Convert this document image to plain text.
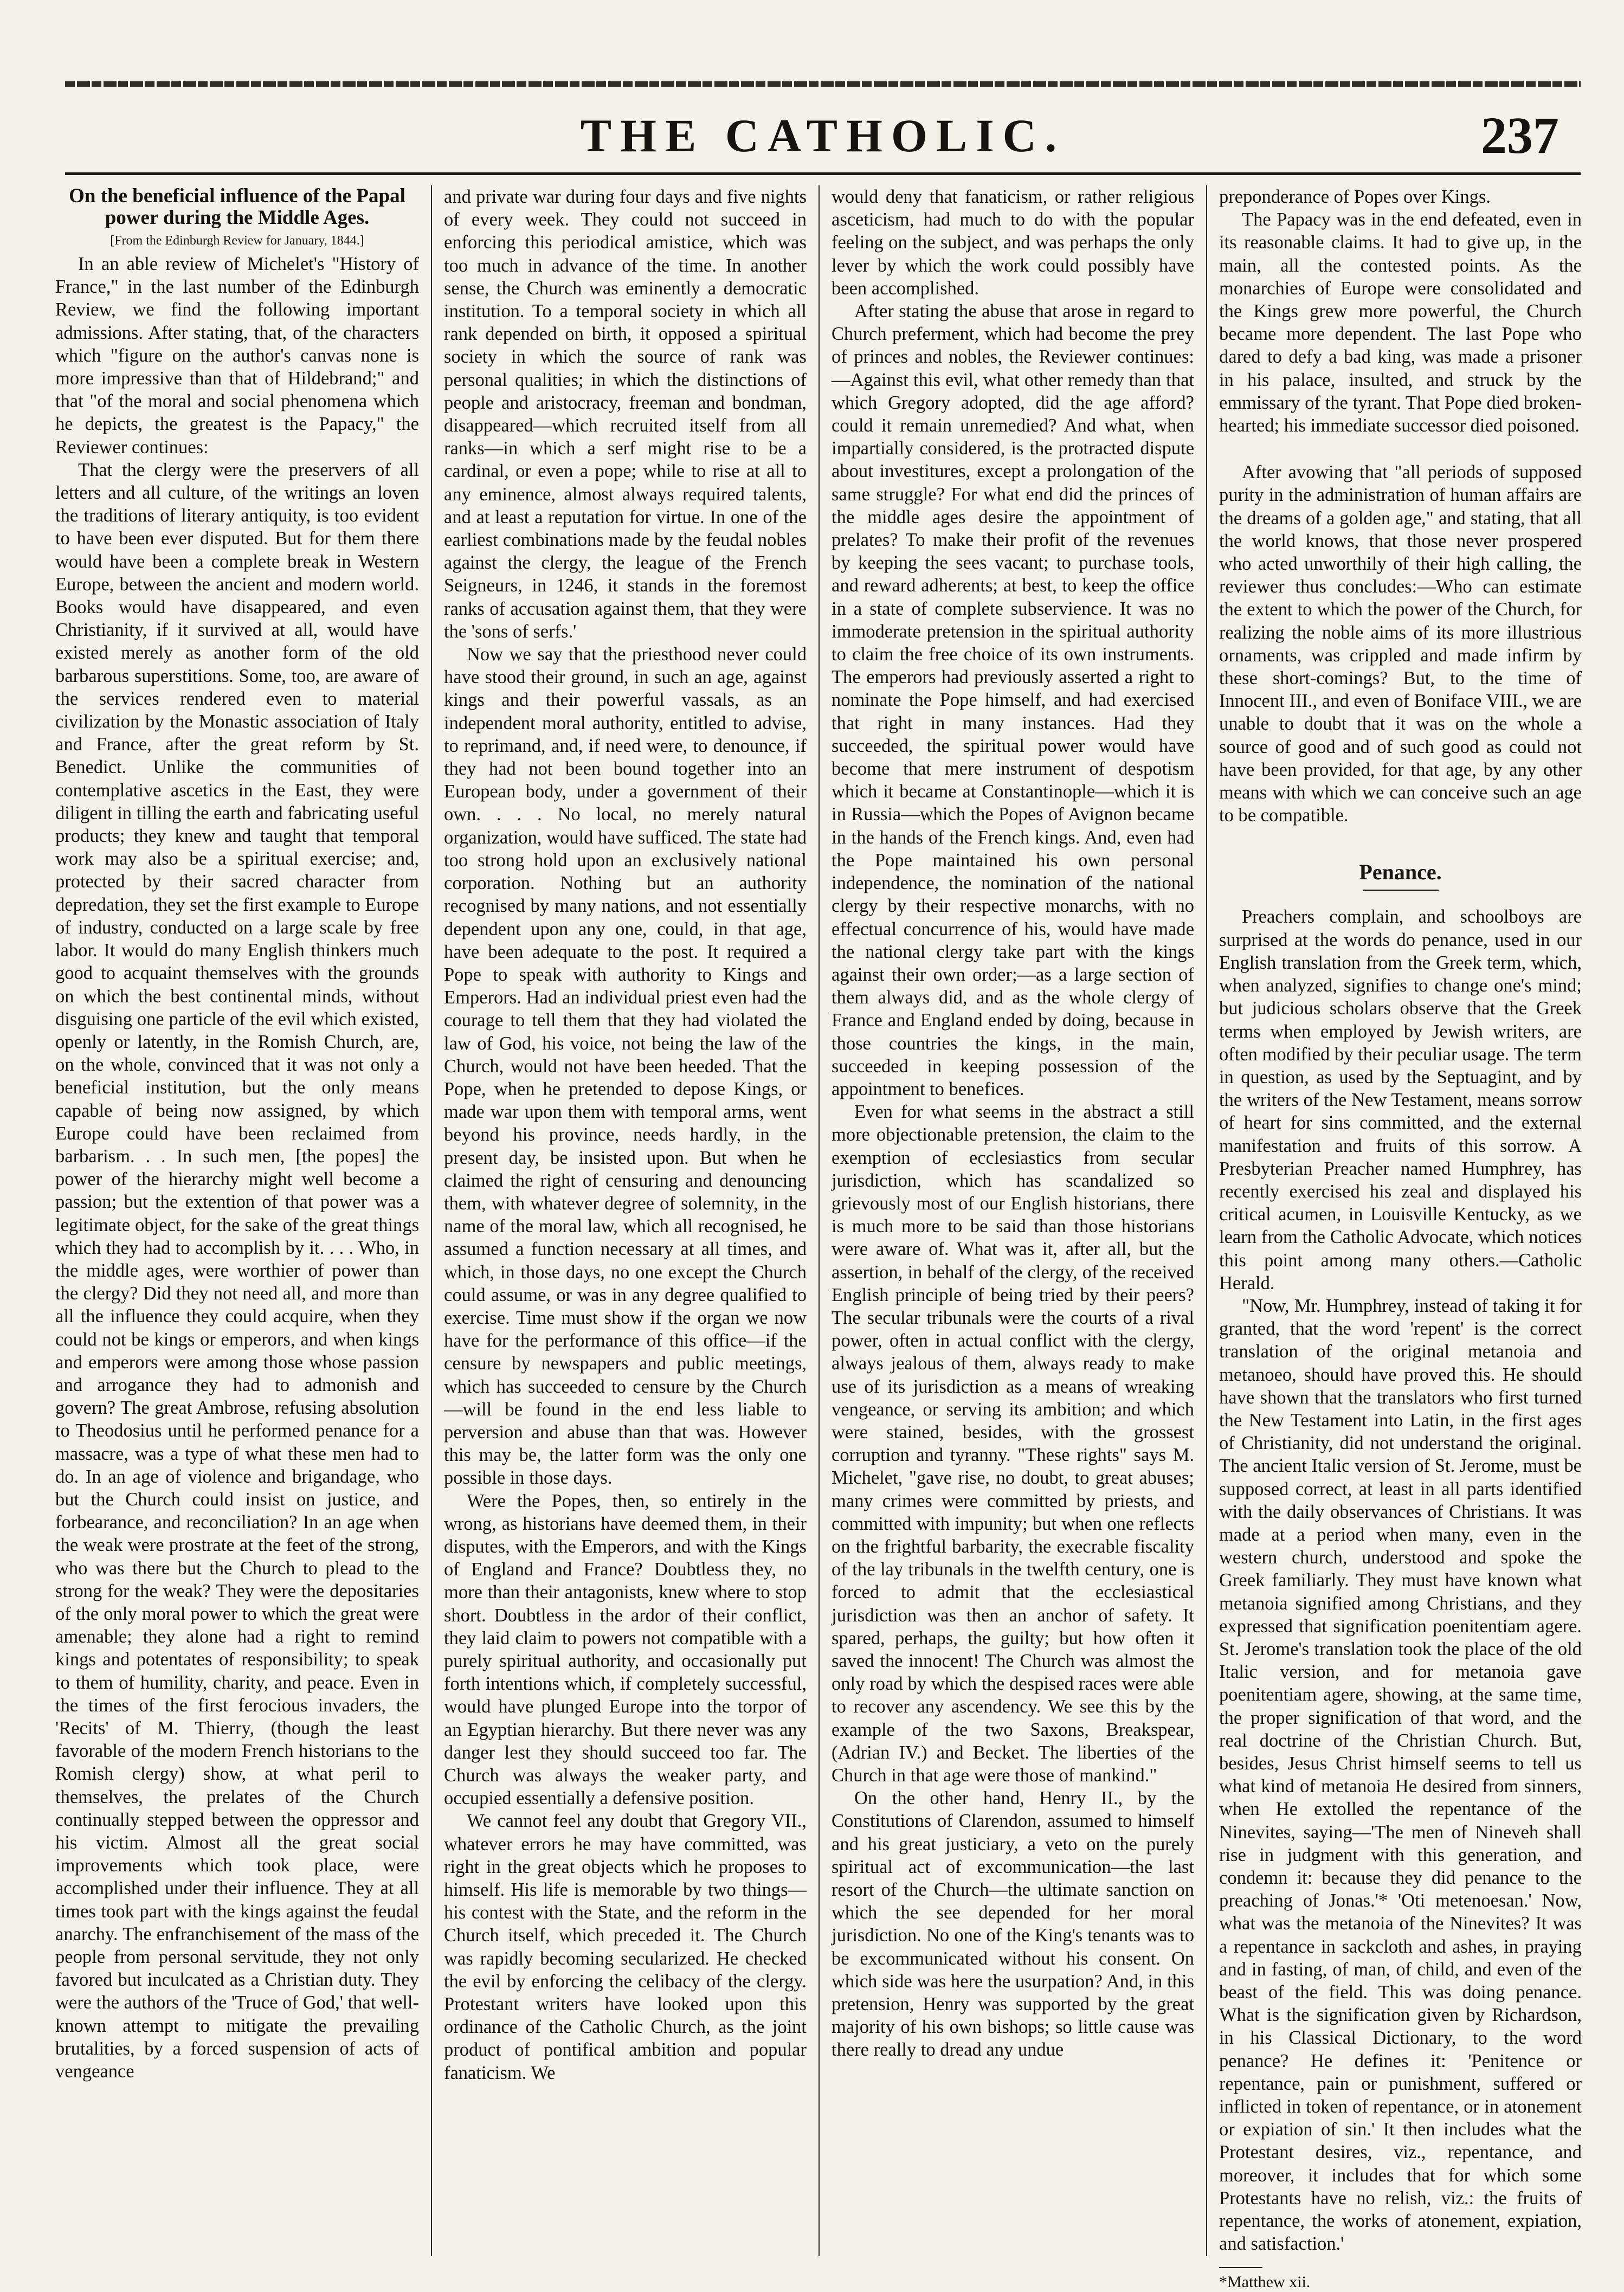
THE CATHOLIC.	237
On the beneficial influence of the Papal power during the Middle Ages.
[From the Edinburgh Review for January, 1844.]

In an able review of Michelet's "History of France," in the last number of the Edinburgh Review, we find the following important admissions. After stating, that, of the characters which "figure on the author's canvas none is more impressive than that of Hildebrand;" and that "of the moral and social phenomena which he depicts, the greatest is the Papacy," the Reviewer continues:

That the clergy were the preservers of all letters and all culture, of the writings an loven the traditions of literary antiquity, is too evident to have been ever disputed. But for them there would have been a complete break in Western Europe, between the ancient and modern world. Books would have disappeared, and even Christianity, if it survived at all, would have existed merely as another form of the old barbarous superstitions. Some, too, are aware of the services rendered even to material civilization by the Monastic association of Italy and France, after the great reform by St. Benedict. Unlike the communities of contemplative ascetics in the East, they were diligent in tilling the earth and fabricating useful products; they knew and taught that temporal work may also be a spiritual exercise; and, protected by their sacred character from depredation, they set the first example to Europe of industry, conducted on a large scale by free labor. It would do many English thinkers much good to acquaint themselves with the grounds on which the best continental minds, without disguising one particle of the evil which existed, openly or latently, in the Romish Church, are, on the whole, convinced that it was not only a beneficial institution, but the only means capable of being now assigned, by which Europe could have been reclaimed from barbarism. . . In such men, [the popes] the power of the hierarchy might well become a passion; but the extention of that power was a legitimate object, for the sake of the great things which they had to accomplish by it. . . . Who, in the middle ages, were worthier of power than the clergy? Did they not need all, and more than all the influence they could acquire, when they could not be kings or emperors, and when kings and emperors were among those whose passion and arrogance they had to admonish and govern? The great Ambrose, refusing absolution to Theodosius until he performed penance for a massacre, was a type of what these men had to do. In an age of violence and brigandage, who but the Church could insist on justice, and forbearance, and reconciliation? In an age when the weak were prostrate at the feet of the strong, who was there but the Church to plead to the strong for the weak? They were the depositaries of the only moral power to which the great were amenable; they alone had a right to remind kings and potentates of responsibility; to speak to them of humility, charity, and peace. Even in the times of the first ferocious invaders, the 'Recits' of M. Thierry, (though the least favorable of the modern French historians to the Romish clergy) show, at what peril to themselves, the prelates of the Church continually stepped between the oppressor and his victim. Almost all the great social improvements which took place, were accomplished under their influence. They at all times took part with the kings against the feudal anarchy. The enfranchisement of the mass of the people from personal servitude, they not only favored but inculcated as a Christian duty. They were the authors of the 'Truce of God,' that well-known attempt to mitigate the prevailing brutalities, by a forced suspension of acts of vengeance

and private war during four days and five nights of every week. They could not succeed in enforcing this periodical amistice, which was too much in advance of the time. In another sense, the Church was eminently a democratic institution. To a temporal society in which all rank depended on birth, it opposed a spiritual society in which the source of rank was personal qualities; in which the distinctions of people and aristocracy, freeman and bondman, disappeared—which recruited itself from all ranks—in which a serf might rise to be a cardinal, or even a pope; while to rise at all to any eminence, almost always required talents, and at least a reputation for virtue. In one of the earliest combinations made by the feudal nobles against the clergy, the league of the French Seigneurs, in 1246, it stands in the foremost ranks of accusation against them, that they were the 'sons of serfs.'

Now we say that the priesthood never could have stood their ground, in such an age, against kings and their powerful vassals, as an independent moral authority, entitled to advise, to reprimand, and, if need were, to denounce, if they had not been bound together into an European body, under a government of their own. . . . No local, no merely natural organization, would have sufficed. The state had too strong hold upon an exclusively national corporation. Nothing but an authority recognised by many nations, and not essentially dependent upon any one, could, in that age, have been adequate to the post. It required a Pope to speak with authority to Kings and Emperors. Had an individual priest even had the courage to tell them that they had violated the law of God, his voice, not being the law of the Church, would not have been heeded. That the Pope, when he pretended to depose Kings, or made war upon them with temporal arms, went beyond his province, needs hardly, in the present day, be insisted upon. But when he claimed the right of censuring and denouncing them, with whatever degree of solemnity, in the name of the moral law, which all recognised, he assumed a function necessary at all times, and which, in those days, no one except the Church could assume, or was in any degree qualified to exercise. Time must show if the organ we now have for the performance of this office—if the censure by newspapers and public meetings, which has succeeded to censure by the Church—will be found in the end less liable to perversion and abuse than that was. However this may be, the latter form was the only one possible in those days.

Were the Popes, then, so entirely in the wrong, as historians have deemed them, in their disputes, with the Emperors, and with the Kings of England and France? Doubtless they, no more than their antagonists, knew where to stop short. Doubtless in the ardor of their conflict, they laid claim to powers not compatible with a purely spiritual authority, and occasionally put forth intentions which, if completely successful, would have plunged Europe into the torpor of an Egyptian hierarchy. But there never was any danger lest they should succeed too far. The Church was always the weaker party, and occupied essentially a defensive position.

We cannot feel any doubt that Gregory VII., whatever errors he may have committed, was right in the great objects which he proposes to himself. His life is memorable by two things—his contest with the State, and the reform in the Church itself, which preceded it. The Church was rapidly becoming secularized. He checked the evil by enforcing the celibacy of the clergy. Protestant writers have looked upon this ordinance of the Catholic Church, as the joint product of pontifical ambition and popular fanaticism. We

would deny that fanaticism, or rather religious asceticism, had much to do with the popular feeling on the subject, and was perhaps the only lever by which the work could possibly have been accomplished.

After stating the abuse that arose in regard to Church preferment, which had become the prey of princes and nobles, the Reviewer continues:—Against this evil, what other remedy than that which Gregory adopted, did the age afford? could it remain unremedied? And what, when impartially considered, is the protracted dispute about investitures, except a prolongation of the same struggle? For what end did the princes of the middle ages desire the appointment of prelates? To make their profit of the revenues by keeping the sees vacant; to purchase tools, and reward adherents; at best, to keep the office in a state of complete subservience. It was no immoderate pretension in the spiritual authority to claim the free choice of its own instruments. The emperors had previously asserted a right to nominate the Pope himself, and had exercised that right in many instances. Had they succeeded, the spiritual power would have become that mere instrument of despotism which it became at Constantinople—which it is in Russia—which the Popes of Avignon became in the hands of the French kings. And, even had the Pope maintained his own personal independence, the nomination of the national clergy by their respective monarchs, with no effectual concurrence of his, would have made the national clergy take part with the kings against their own order;—as a large section of them always did, and as the whole clergy of France and England ended by doing, because in those countries the kings, in the main, succeeded in keeping possession of the appointment to benefices.

Even for what seems in the abstract a still more objectionable pretension, the claim to the exemption of ecclesiastics from secular jurisdiction, which has scandalized so grievously most of our English historians, there is much more to be said than those historians were aware of. What was it, after all, but the assertion, in behalf of the clergy, of the received English principle of being tried by their peers? The secular tribunals were the courts of a rival power, often in actual conflict with the clergy, always jealous of them, always ready to make use of its jurisdiction as a means of wreaking vengeance, or serving its ambition; and which were stained, besides, with the grossest corruption and tyranny. "These rights" says M. Michelet, "gave rise, no doubt, to great abuses; many crimes were committed by priests, and committed with impunity; but when one reflects on the frightful barbarity, the execrable fiscality of the lay tribunals in the twelfth century, one is forced to admit that the ecclesiastical jurisdiction was then an anchor of safety. It spared, perhaps, the guilty; but how often it saved the innocent! The Church was almost the only road by which the despised races were able to recover any ascendency. We see this by the example of the two Saxons, Breakspear, (Adrian IV.) and Becket. The liberties of the Church in that age were those of mankind."

On the other hand, Henry II., by the Constitutions of Clarendon, assumed to himself and his great justiciary, a veto on the purely spiritual act of excommunication—the last resort of the Church—the ultimate sanction on which the see depended for her moral jurisdiction. No one of the King's tenants was to be excommunicated without his consent. On which side was here the usurpation? And, in this pretension, Henry was supported by the great majority of his own bishops; so little cause was there really to dread any undue

preponderance of Popes over Kings.

The Papacy was in the end defeated, even in its reasonable claims. It had to give up, in the main, all the contested points. As the monarchies of Europe were consolidated and the Kings grew more powerful, the Church became more dependent. The last Pope who dared to defy a bad king, was made a prisoner in his palace, insulted, and struck by the emmissary of the tyrant. That Pope died broken-hearted; his immediate successor died poisoned.

After avowing that "all periods of supposed purity in the administration of human affairs are the dreams of a golden age," and stating, that all the world knows, that those never prospered who acted unworthily of their high calling, the reviewer thus concludes:—Who can estimate the extent to which the power of the Church, for realizing the noble aims of its more illustrious ornaments, was crippled and made infirm by these short-comings? But, to the time of Innocent III., and even of Boniface VIII., we are unable to doubt that it was on the whole a source of good and of such good as could not have been provided, for that age, by any other means with which we can conceive such an age to be compatible.

Penance.

Preachers complain, and schoolboys are surprised at the words do penance, used in our English translation from the Greek term, which, when analyzed, signifies to change one's mind; but judicious scholars observe that the Greek terms when employed by Jewish writers, are often modified by their peculiar usage. The term in question, as used by the Septuagint, and by the writers of the New Testament, means sorrow of heart for sins committed, and the external manifestation and fruits of this sorrow. A Presbyterian Preacher named Humphrey, has recently exercised his zeal and displayed his critical acumen, in Louisville Kentucky, as we learn from the Catholic Advocate, which notices this point among many others.—Catholic Herald.

"Now, Mr. Humphrey, instead of taking it for granted, that the word 'repent' is the correct translation of the original metanoia and metanoeo, should have proved this. He should have shown that the translators who first turned the New Testament into Latin, in the first ages of Christianity, did not understand the original. The ancient Italic version of St. Jerome, must be supposed correct, at least in all parts identified with the daily observances of Christians. It was made at a period when many, even in the western church, understood and spoke the Greek familiarly. They must have known what metanoia signified among Christians, and they expressed that signification poenitentiam agere. St. Jerome's translation took the place of the old Italic version, and for metanoia gave poenitentiam agere, showing, at the same time, the proper signification of that word, and the real doctrine of the Christian Church. But, besides, Jesus Christ himself seems to tell us what kind of metanoia He desired from sinners, when He extolled the repentance of the Ninevites, saying—'The men of Nineveh shall rise in judgment with this generation, and condemn it: because they did penance to the preaching of Jonas.'* 'Oti metenoesan.' Now, what was the metanoia of the Ninevites? It was a repentance in sackcloth and ashes, in praying and in fasting, of man, of child, and even of the beast of the field. This was doing penance. What is the signification given by Richardson, in his Classical Dictionary, to the word penance? He defines it: 'Penitence or repentance, pain or punishment, suffered or inflicted in token of repentance, or in atonement or expiation of sin.' It then includes what the Protestant desires, viz., repentance, and moreover, it includes that for which some Protestants have no relish, viz.: the fruits of repentance, the works of atonement, expiation, and satisfaction.'

*Matthew xii.
